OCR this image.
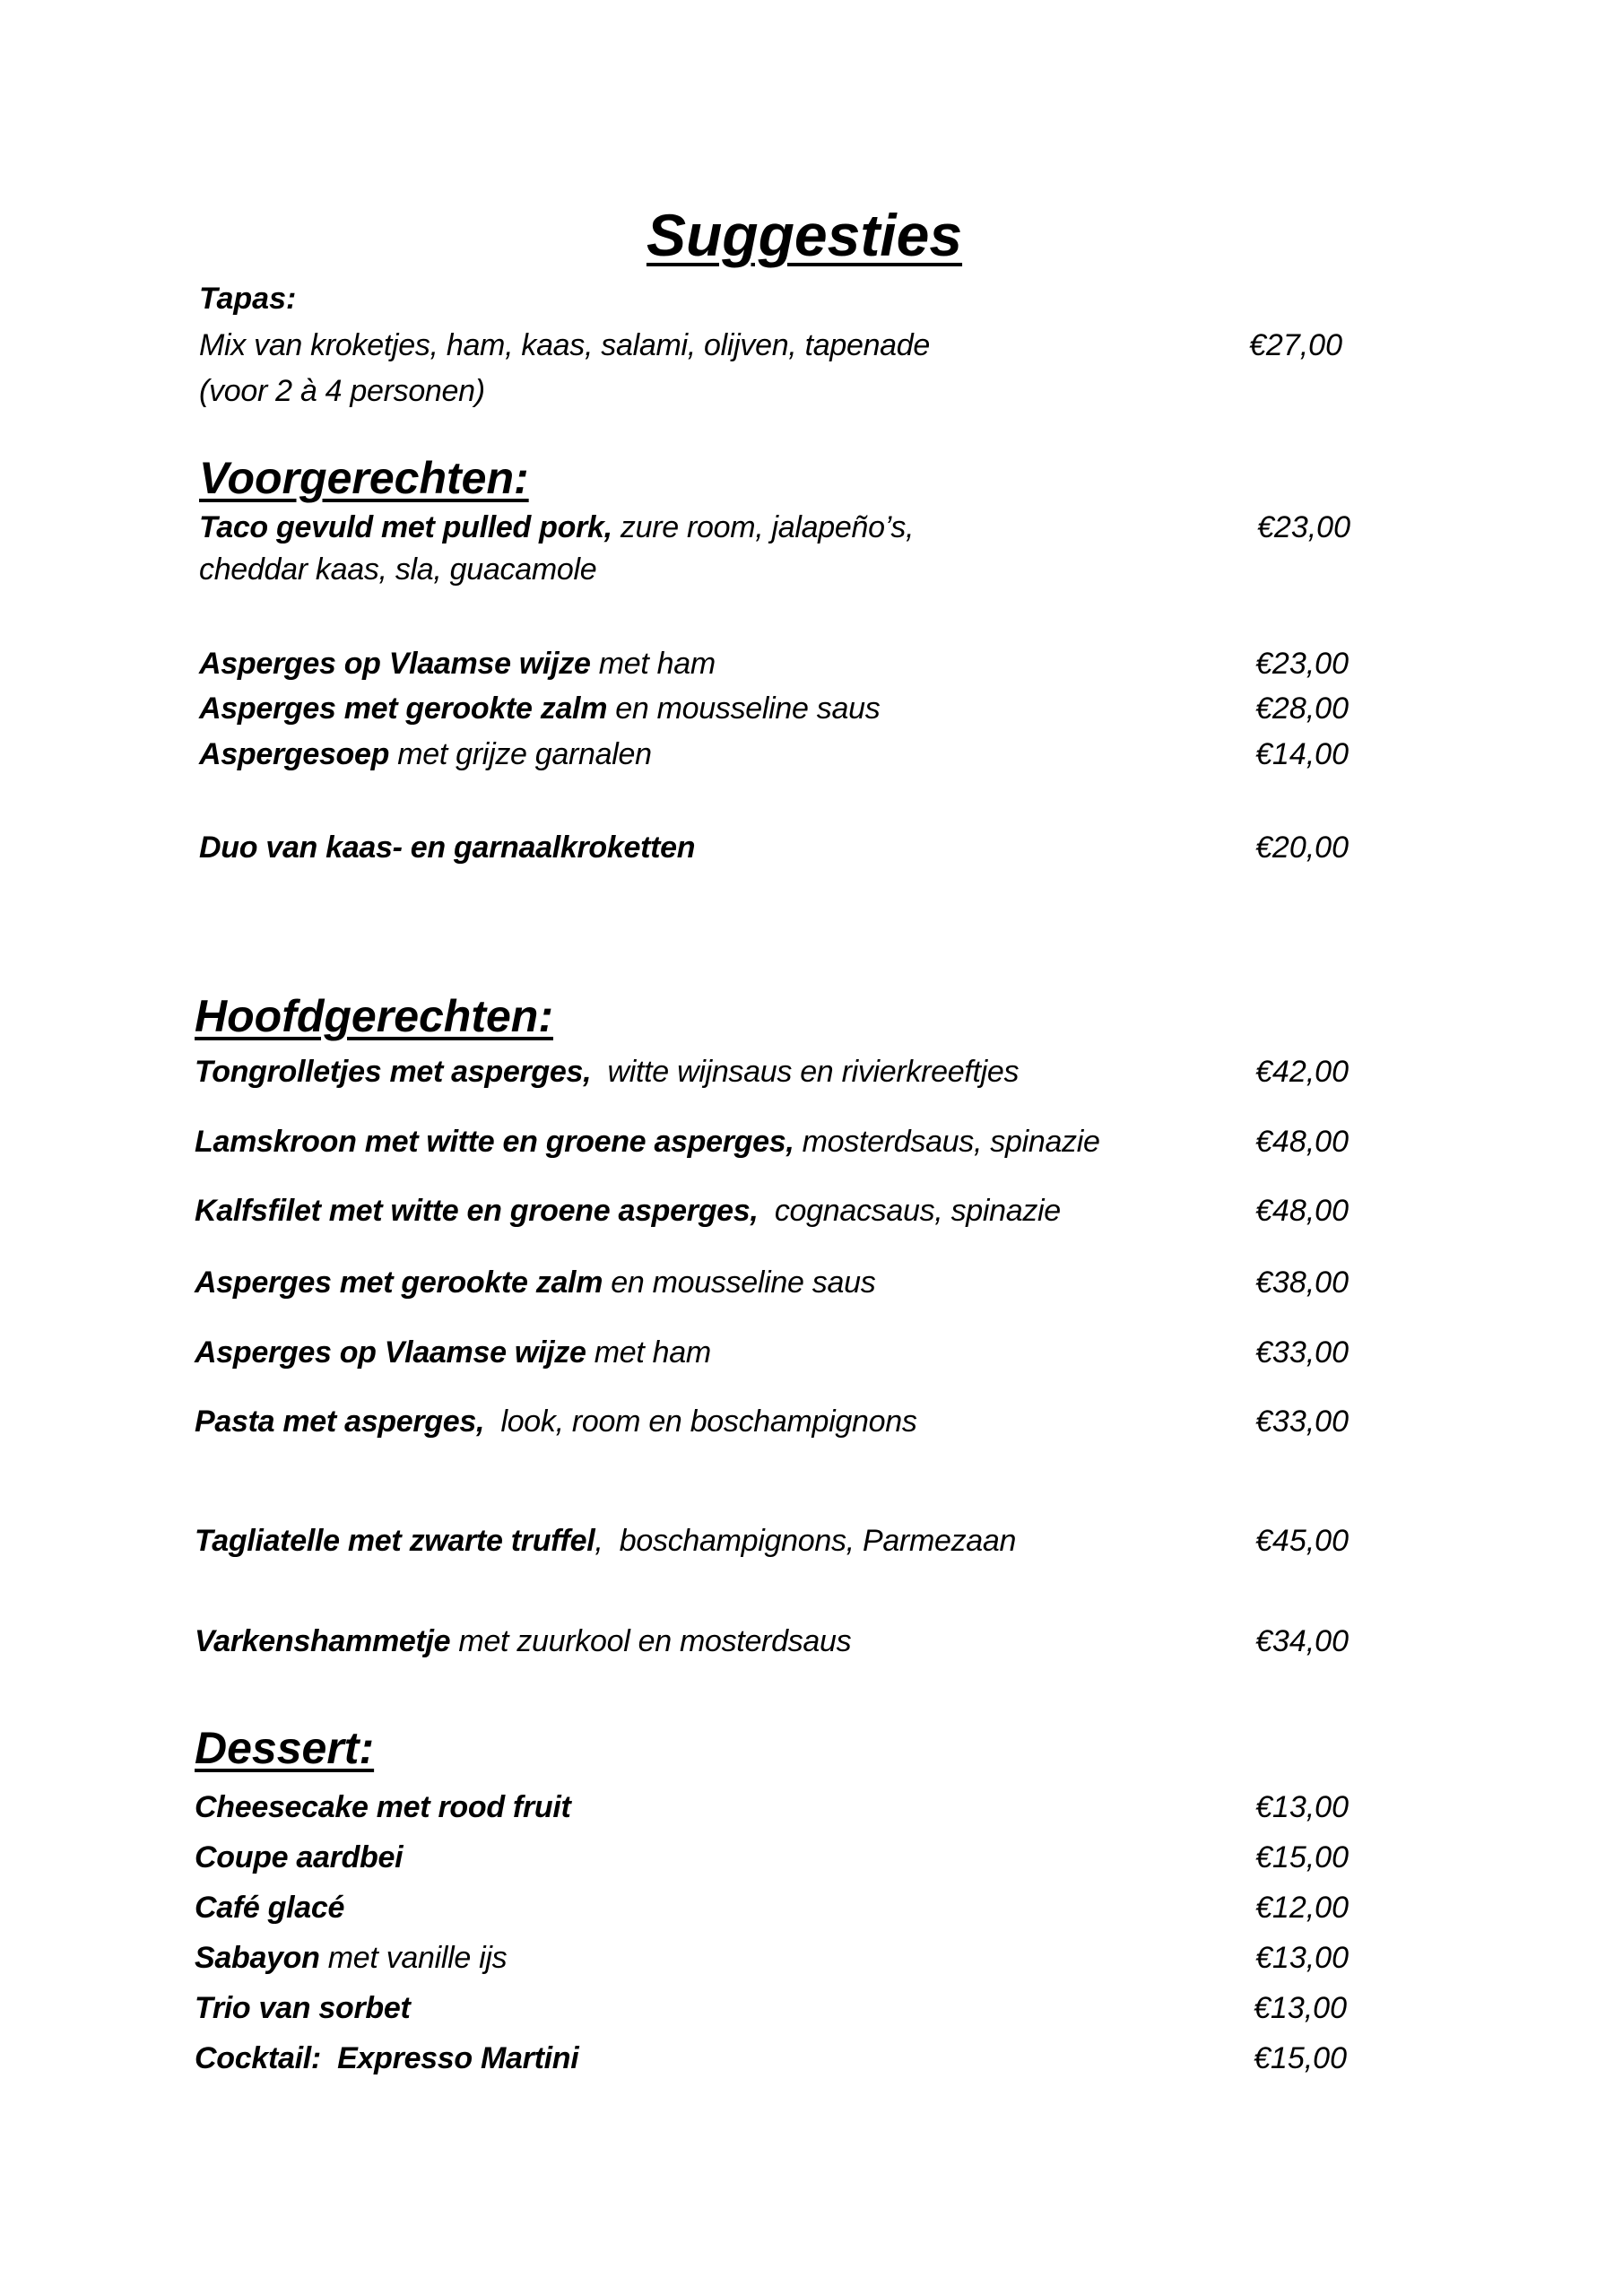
Suggesties
Tapas:
Mix van kroketjes, ham, kaas, salami, olijven, tapenade
(voor 2 à 4 personen)
€27,00
Voorgerechten:
Taco gevuld met pulled pork, zure room, jalapeño’s,
cheddar kaas, sla, guacamole
€23,00
Asperges op Vlaamse wijze met ham	€23,00
Asperges met gerookte zalm en mousseline saus	€28,00
Aspergesoep met grijze garnalen	€14,00
Duo van kaas- en garnaalkroketten	€20,00
Hoofdgerechten:
Tongrolletjes met asperges,  witte wijnsaus en rivierkreeftjes	€42,00
Lamskroon met witte en groene asperges, mosterdsaus, spinazie	€48,00
Kalfsfilet met witte en groene asperges,  cognacsaus, spinazie	€48,00
Asperges met gerookte zalm en mousseline saus	€38,00
Asperges op Vlaamse wijze met ham	€33,00
Pasta met asperges,  look, room en boschampignons	€33,00
Tagliatelle met zwarte truffel,  boschampignons, Parmezaan	€45,00
Varkenshammetje met zuurkool en mosterdsaus	€34,00
Dessert:
Cheesecake met rood fruit	€13,00
Coupe aardbei	€15,00
Café glacé	€12,00
Sabayon met vanille ijs	€13,00
Trio van sorbet	€13,00
Cocktail:  Expresso Martini	€15,00
